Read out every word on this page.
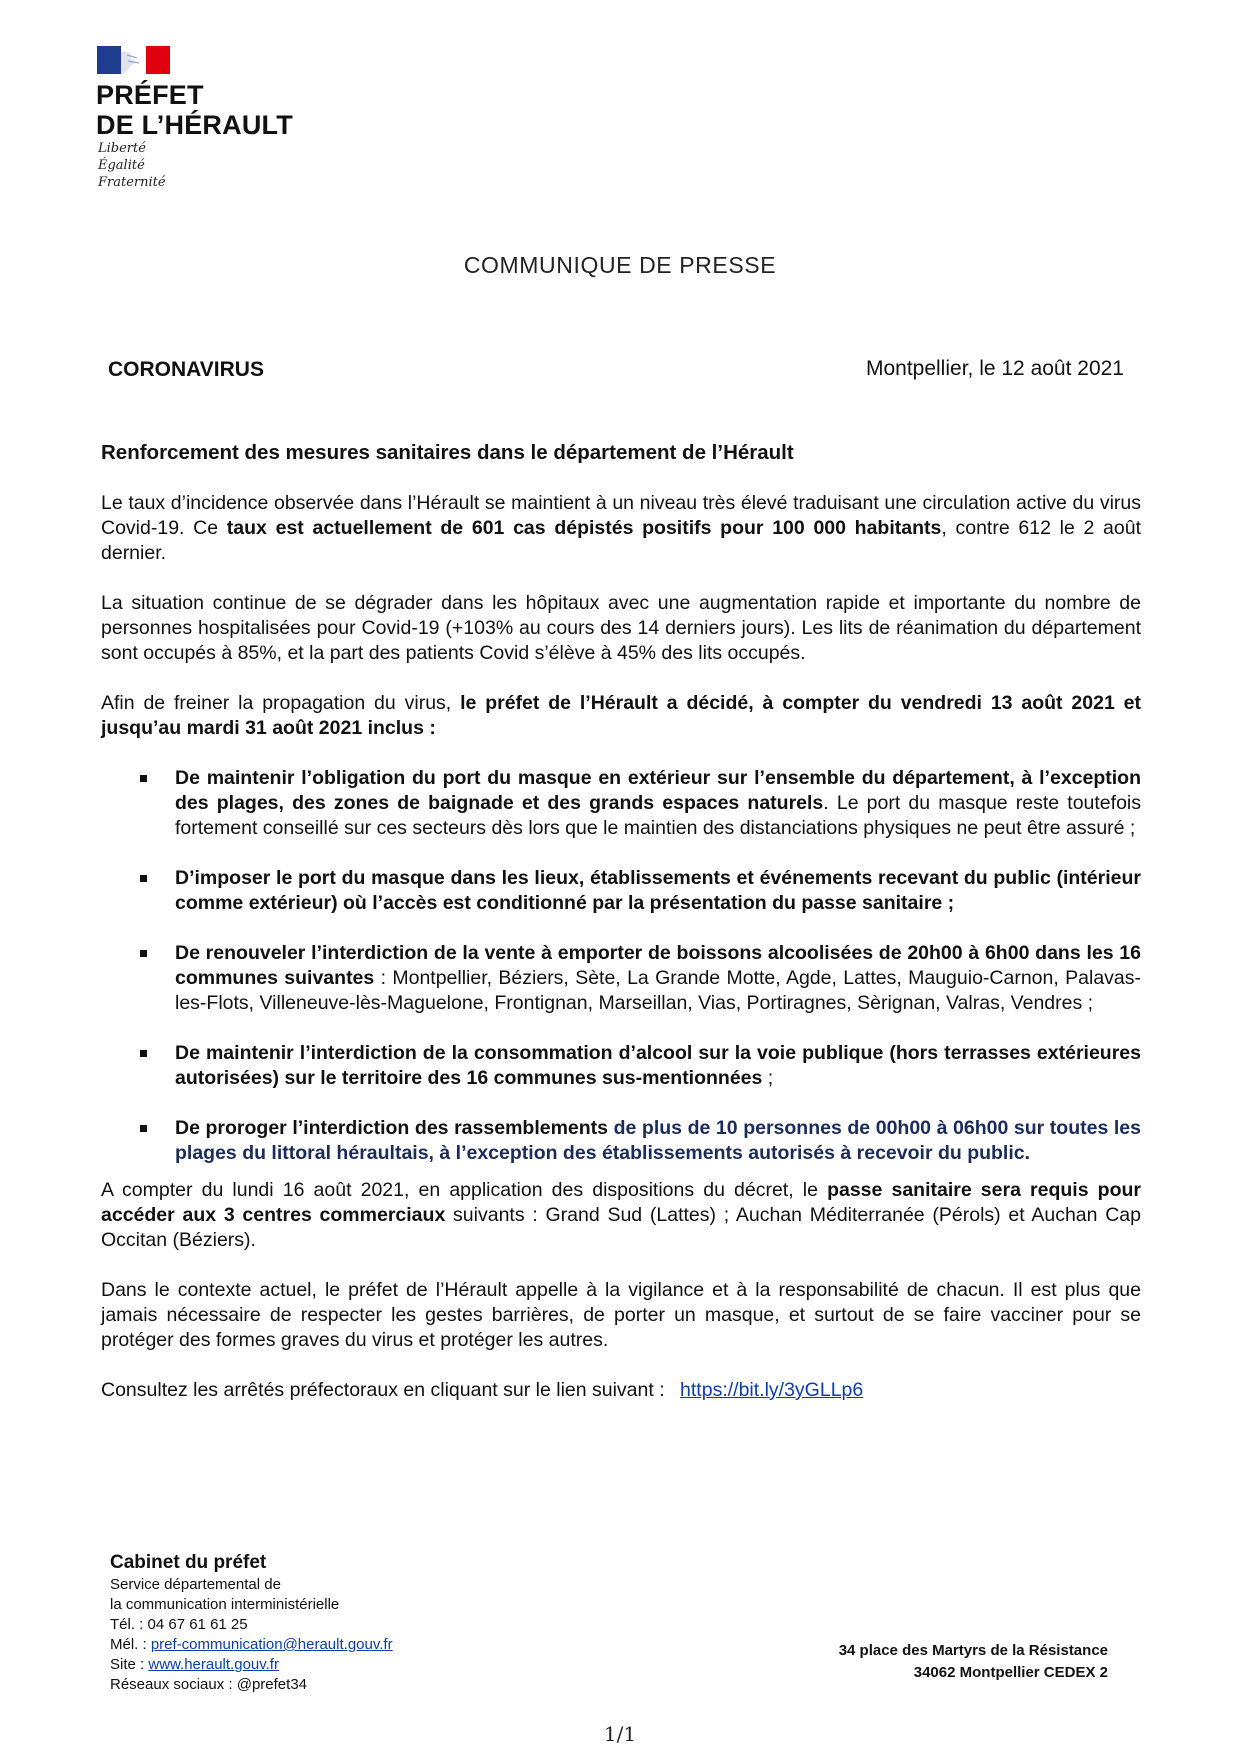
PRÉFET
DE L’HÉRAULT
Liberté
Égalité
Fraternité
COMMUNIQUE DE PRESSE
CORONAVIRUS	Montpellier, le 12 août 2021
Renforcement des mesures sanitaires dans le département de l’Hérault

Le taux d’incidence observée dans l’Hérault se maintient à un niveau très élevé traduisant une circulation active du virus Covid-19. Ce taux est actuellement de 601 cas dépistés positifs pour 100 000 habitants, contre 612 le 2 août dernier.

La situation continue de se dégrader dans les hôpitaux avec une augmentation rapide et importante du nombre de personnes hospitalisées pour Covid-19 (+103% au cours des 14 derniers jours). Les lits de réanimation du département sont occupés à 85%, et la part des patients Covid s’élève à 45% des lits occupés.

Afin de freiner la propagation du virus, le préfet de l’Hérault a décidé, à compter du vendredi 13 août 2021 et jusqu’au mardi 31 août 2021 inclus :

De maintenir l’obligation du port du masque en extérieur sur l’ensemble du département, à l’exception des plages, des zones de baignade et des grands espaces naturels. Le port du masque reste toutefois fortement conseillé sur ces secteurs dès lors que le maintien des distanciations physiques ne peut être assuré ;
D’imposer le port du masque dans les lieux, établissements et événements recevant du public (intérieur comme extérieur) où l’accès est conditionné par la présentation du passe sanitaire ;
De renouveler l’interdiction de la vente à emporter de boissons alcoolisées de 20h00 à 6h00 dans les 16 communes suivantes : Montpellier, Béziers, Sète, La Grande Motte, Agde, Lattes, Mauguio-Carnon, Palavas-les-Flots, Villeneuve-lès-Maguelone, Frontignan, Marseillan, Vias, Portiragnes, Sèrignan, Valras, Vendres ;
De maintenir l’interdiction de la consommation d’alcool sur la voie publique (hors terrasses extérieures autorisées) sur le territoire des 16 communes sus-mentionnées ;
De proroger l’interdiction des rassemblements de plus de 10 personnes de 00h00 à 06h00 sur toutes les plages du littoral héraultais, à l’exception des établissements autorisés à recevoir du public.

A compter du lundi 16 août 2021, en application des dispositions du décret, le passe sanitaire sera requis pour accéder aux 3 centres commerciaux suivants : Grand Sud (Lattes) ; Auchan Méditerranée (Pérols) et Auchan Cap Occitan (Béziers).

Dans le contexte actuel, le préfet de l’Hérault appelle à la vigilance et à la responsabilité de chacun. Il est plus que jamais nécessaire de respecter les gestes barrières, de porter un masque, et surtout de se faire vacciner pour se protéger des formes graves du virus et protéger les autres.

Consultez les arrêtés préfectoraux en cliquant sur le lien suivant : https://bit.ly/3yGLLp6

Cabinet du préfet
Service départemental de
la communication interministérielle
Tél. : 04 67 61 61 25
Mél. : pref-communication@herault.gouv.fr
Site : www.herault.gouv.fr
Réseaux sociaux : @prefet34
34 place des Martyrs de la Résistance
34062 Montpellier CEDEX 2
1/1
